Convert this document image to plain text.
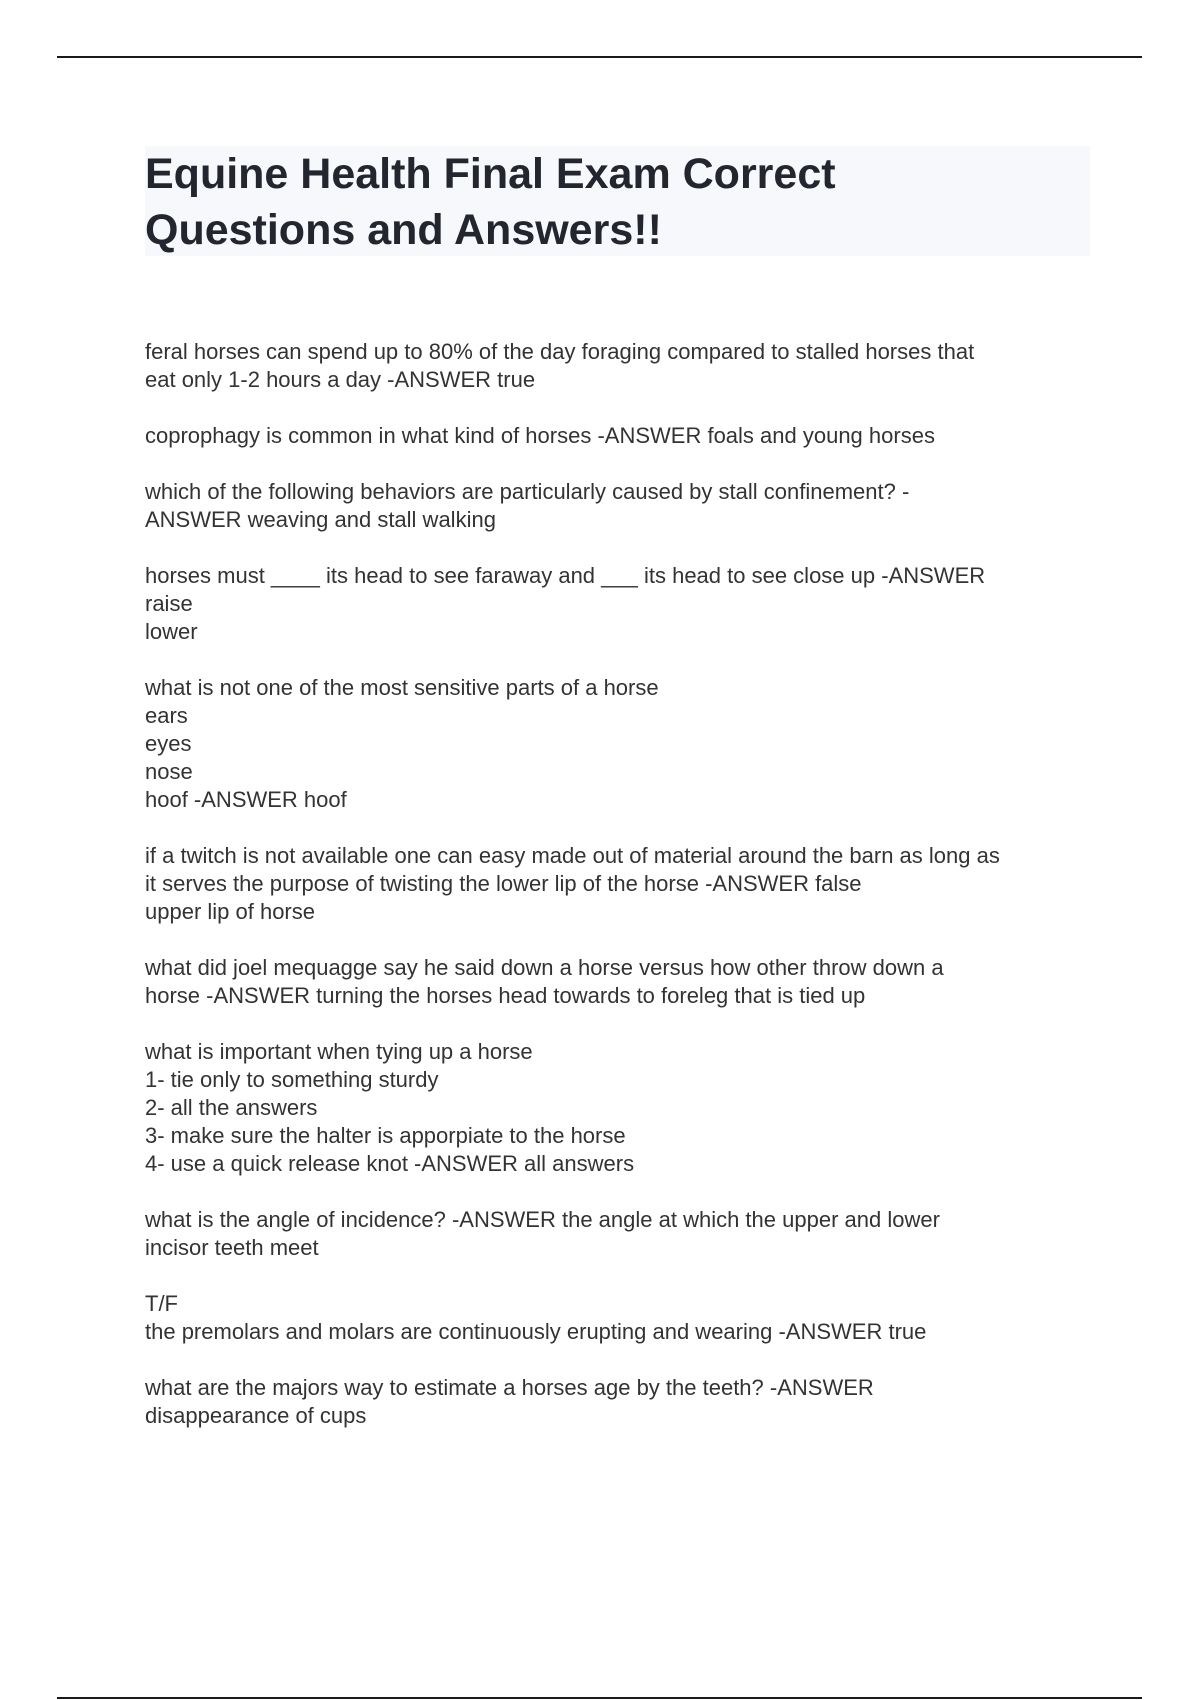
Equine Health Final Exam Correct
Questions and Answers!!

feral horses can spend up to 80% of the day foraging compared to stalled horses that
eat only 1-2 hours a day -ANSWER true

coprophagy is common in what kind of horses -ANSWER foals and young horses

which of the following behaviors are particularly caused by stall confinement? -
ANSWER weaving and stall walking

horses must ____ its head to see faraway and ___ its head to see close up -ANSWER
raise
lower

what is not one of the most sensitive parts of a horse
ears
eyes
nose
hoof -ANSWER hoof

if a twitch is not available one can easy made out of material around the barn as long as
it serves the purpose of twisting the lower lip of the horse -ANSWER false
upper lip of horse

what did joel mequagge say he said down a horse versus how other throw down a
horse -ANSWER turning the horses head towards to foreleg that is tied up

what is important when tying up a horse
1- tie only to something sturdy
2- all the answers
3- make sure the halter is apporpiate to the horse
4- use a quick release knot -ANSWER all answers

what is the angle of incidence? -ANSWER the angle at which the upper and lower
incisor teeth meet

T/F
the premolars and molars are continuously erupting and wearing -ANSWER true

what are the majors way to estimate a horses age by the teeth? -ANSWER
disappearance of cups
